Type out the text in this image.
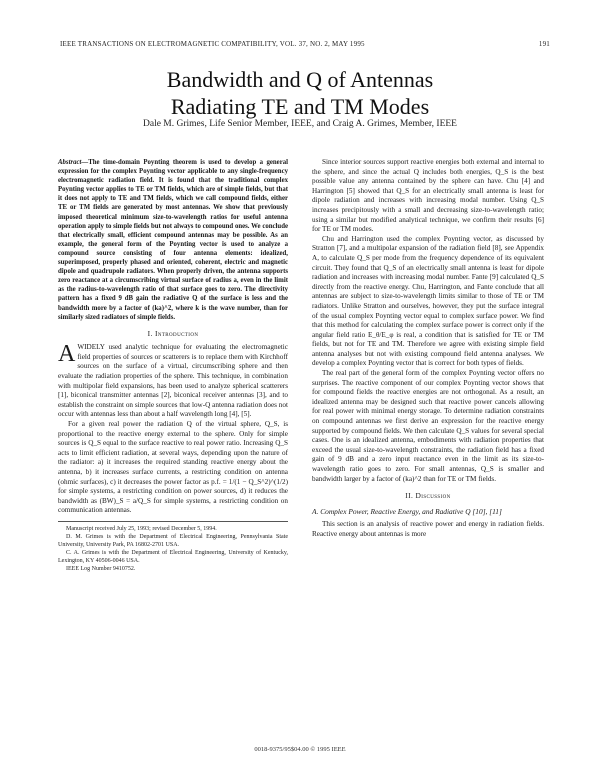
IEEE TRANSACTIONS ON ELECTROMAGNETIC COMPATIBILITY, VOL. 37, NO. 2, MAY 1995	191
Bandwidth and Q of Antennas
Radiating TE and TM Modes
Dale M. Grimes, Life Senior Member, IEEE, and Craig A. Grimes, Member, IEEE
Abstract—The time-domain Poynting theorem is used to develop a general expression for the complex Poynting vector applicable to any single-frequency electromagnetic radiation field. It is found that the traditional complex Poynting vector applies to TE or TM fields, which are of simple fields, but that it does not apply to TE and TM fields, which we call compound fields, either TE or TM fields are generated by most antennas. We show that previously imposed theoretical minimum size-to-wavelength ratios for useful antenna operation apply to simple fields but not always to compound ones. We conclude that electrically small, efficient compound antennas may be possible. As an example, the general form of the Poynting vector is used to analyze a compound source consisting of four antenna elements: idealized, superimposed, properly phased and oriented, coherent, electric and magnetic dipole and quadrupole radiators. When properly driven, the antenna supports zero reactance at a circumscribing virtual surface of radius a, even in the limit as the radius-to-wavelength ratio of that surface goes to zero. The directivity pattern has a fixed 9 dB gain the radiative Q of the surface is less and the bandwidth more by a factor of (ka)^2, where k is the wave number, than for similarly sized radiators of simple fields.
I. Introduction

AWIDELY used analytic technique for evaluating the electromagnetic field properties of sources or scatterers is to replace them with Kirchhoff sources on the surface of a virtual, circumscribing sphere and then evaluate the radiation properties of the sphere. This technique, in combination with multipolar field expansions, has been used to analyze spherical scatterers [1], biconical transmitter antennas [2], biconical receiver antennas [3], and to establish the constraint on simple sources that low-Q antenna radiation does not occur with antennas less than about a half wavelength long [4], [5].

For a given real power the radiation Q of the virtual sphere, Q_S, is proportional to the reactive energy external to the sphere. Only for simple sources is Q_S equal to the surface reactive to real power ratio. Increasing Q_S acts to limit efficient radiation, at several ways, depending upon the nature of the radiator: a) it increases the required standing reactive energy about the antenna, b) it increases surface currents, a restricting condition on antenna (ohmic surfaces), c) it decreases the power factor as p.f. = 1/(1 − Q_S^2)^(1/2) for simple systems, a restricting condition on power sources, d) it reduces the bandwidth as (BW)_S = a/Q_S for simple systems, a restricting condition on communication antennas.

Manuscript received July 25, 1993; revised December 5, 1994.
D. M. Grimes is with the Department of Electrical Engineering, Pennsylvania State University, University Park, PA 16802-2701 USA.
C. A. Grimes is with the Department of Electrical Engineering, University of Kentucky, Lexington, KY 40506-0046 USA.
IEEE Log Number 9410752.

Since interior sources support reactive energies both external and internal to the sphere, and since the actual Q includes both energies, Q_S is the best possible value any antenna contained by the sphere can have. Chu [4] and Harrington [5] showed that Q_S for an electrically small antenna is least for dipole radiation and increases with increasing modal number. Using Q_S increases precipitously with a small and decreasing size-to-wavelength ratio; using a similar but modified analytical technique, we confirm their results [6] for TE or TM modes.

Chu and Harrington used the complex Poynting vector, as discussed by Stratton [7], and a multipolar expansion of the radiation field [8], see Appendix A, to calculate Q_S per mode from the frequency dependence of its equivalent circuit. They found that Q_S of an electrically small antenna is least for dipole radiation and increases with increasing modal number. Fante [9] calculated Q_S directly from the reactive energy. Chu, Harrington, and Fante conclude that all antennas are subject to size-to-wavelength limits similar to those of TE or TM radiators. Unlike Stratton and ourselves, however, they put the surface integral of the usual complex Poynting vector equal to complex surface power. We find that this method for calculating the complex surface power is correct only if the angular field ratio E_θ/E_φ is real, a condition that is satisfied for TE or TM fields, but not for TE and TM. Therefore we agree with existing simple field antenna analyses but not with existing compound field antenna analyses. We develop a complex Poynting vector that is correct for both types of fields.

The real part of the general form of the complex Poynting vector offers no surprises. The reactive component of our complex Poynting vector shows that for compound fields the reactive energies are not orthogonal. As a result, an idealized antenna may be designed such that reactive power cancels allowing for real power with minimal energy storage. To determine radiation constraints on compound antennas we first derive an expression for the reactive energy supported by compound fields. We then calculate Q_S values for several special cases. One is an idealized antenna, embodiments with radiation properties that exceed the usual size-to-wavelength constraints, the radiation field has a fixed gain of 9 dB and a zero input reactance even in the limit as its size-to-wavelength ratio goes to zero. For small antennas, Q_S is smaller and bandwidth larger by a factor of (ka)^2 than for TE or TM fields.

II. Discussion
A. Complex Power, Reactive Energy, and Radiative Q [10], [11]

This section is an analysis of reactive power and energy in radiation fields. Reactive energy about antennas is more

0018-9375/95$04.00 © 1995 IEEE
